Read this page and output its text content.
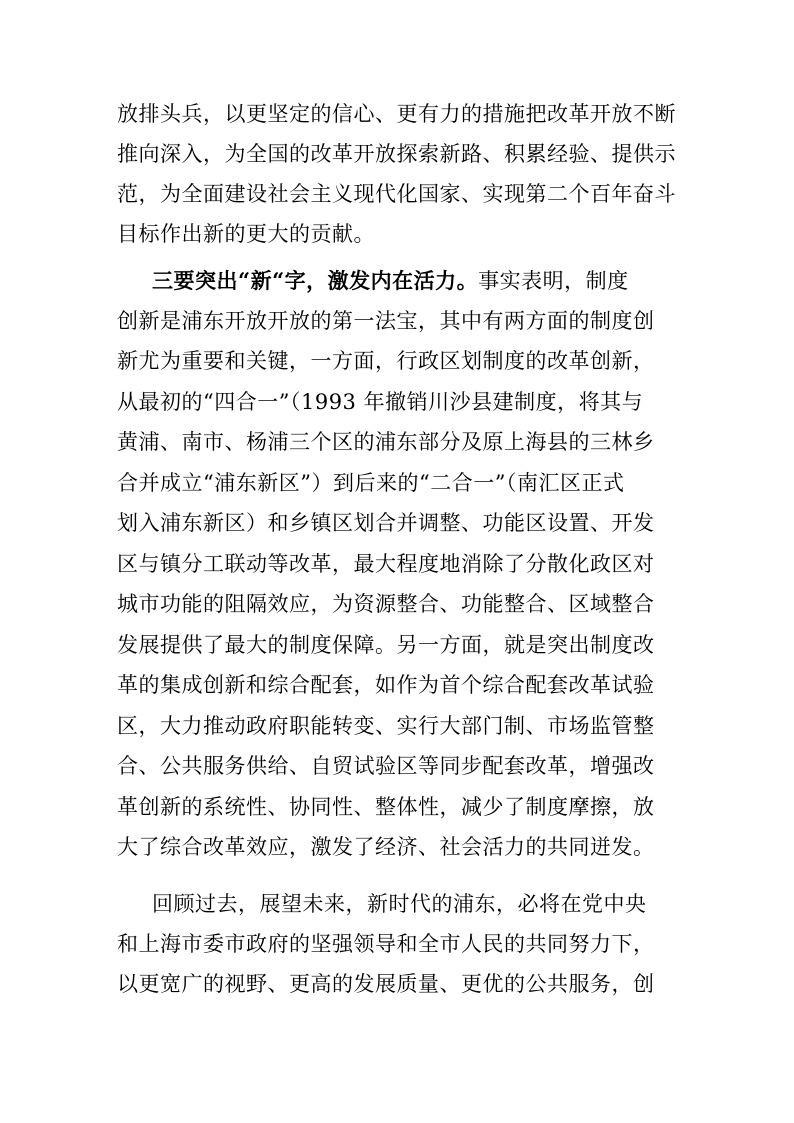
放排头兵，以更坚定的信心、更有力的措施把改革开放不断
推向深入，为全国的改革开放探索新路、积累经验、提供示
范，为全面建设社会主义现代化国家、实现第二个百年奋斗
目标作出新的更大的贡献。
三要突出“新“字，激发内在活力。事实表明，制度
创新是浦东开放开放的第一法宝，其中有两方面的制度创
新尤为重要和关键，一方面，行政区划制度的改革创新，
从最初的“四合一”（1993 年撤销川沙县建制度，将其与
黄浦、南市、杨浦三个区的浦东部分及原上海县的三林乡
合并成立“浦东新区”）到后来的“二合一”（南汇区正式
划入浦东新区）和乡镇区划合并调整、功能区设置、开发
区与镇分工联动等改革，最大程度地消除了分散化政区对
城市功能的阻隔效应，为资源整合、功能整合、区域整合
发展提供了最大的制度保障。另一方面，就是突出制度改
革的集成创新和综合配套，如作为首个综合配套改革试验
区，大力推动政府职能转变、实行大部门制、市场监管整
合、公共服务供给、自贸试验区等同步配套改革，增强改
革创新的系统性、协同性、整体性，减少了制度摩擦，放
大了综合改革效应，激发了经济、社会活力的共同迸发。
回顾过去，展望未来，新时代的浦东，必将在党中央
和上海市委市政府的坚强领导和全市人民的共同努力下，
以更宽广的视野、更高的发展质量、更优的公共服务，创
